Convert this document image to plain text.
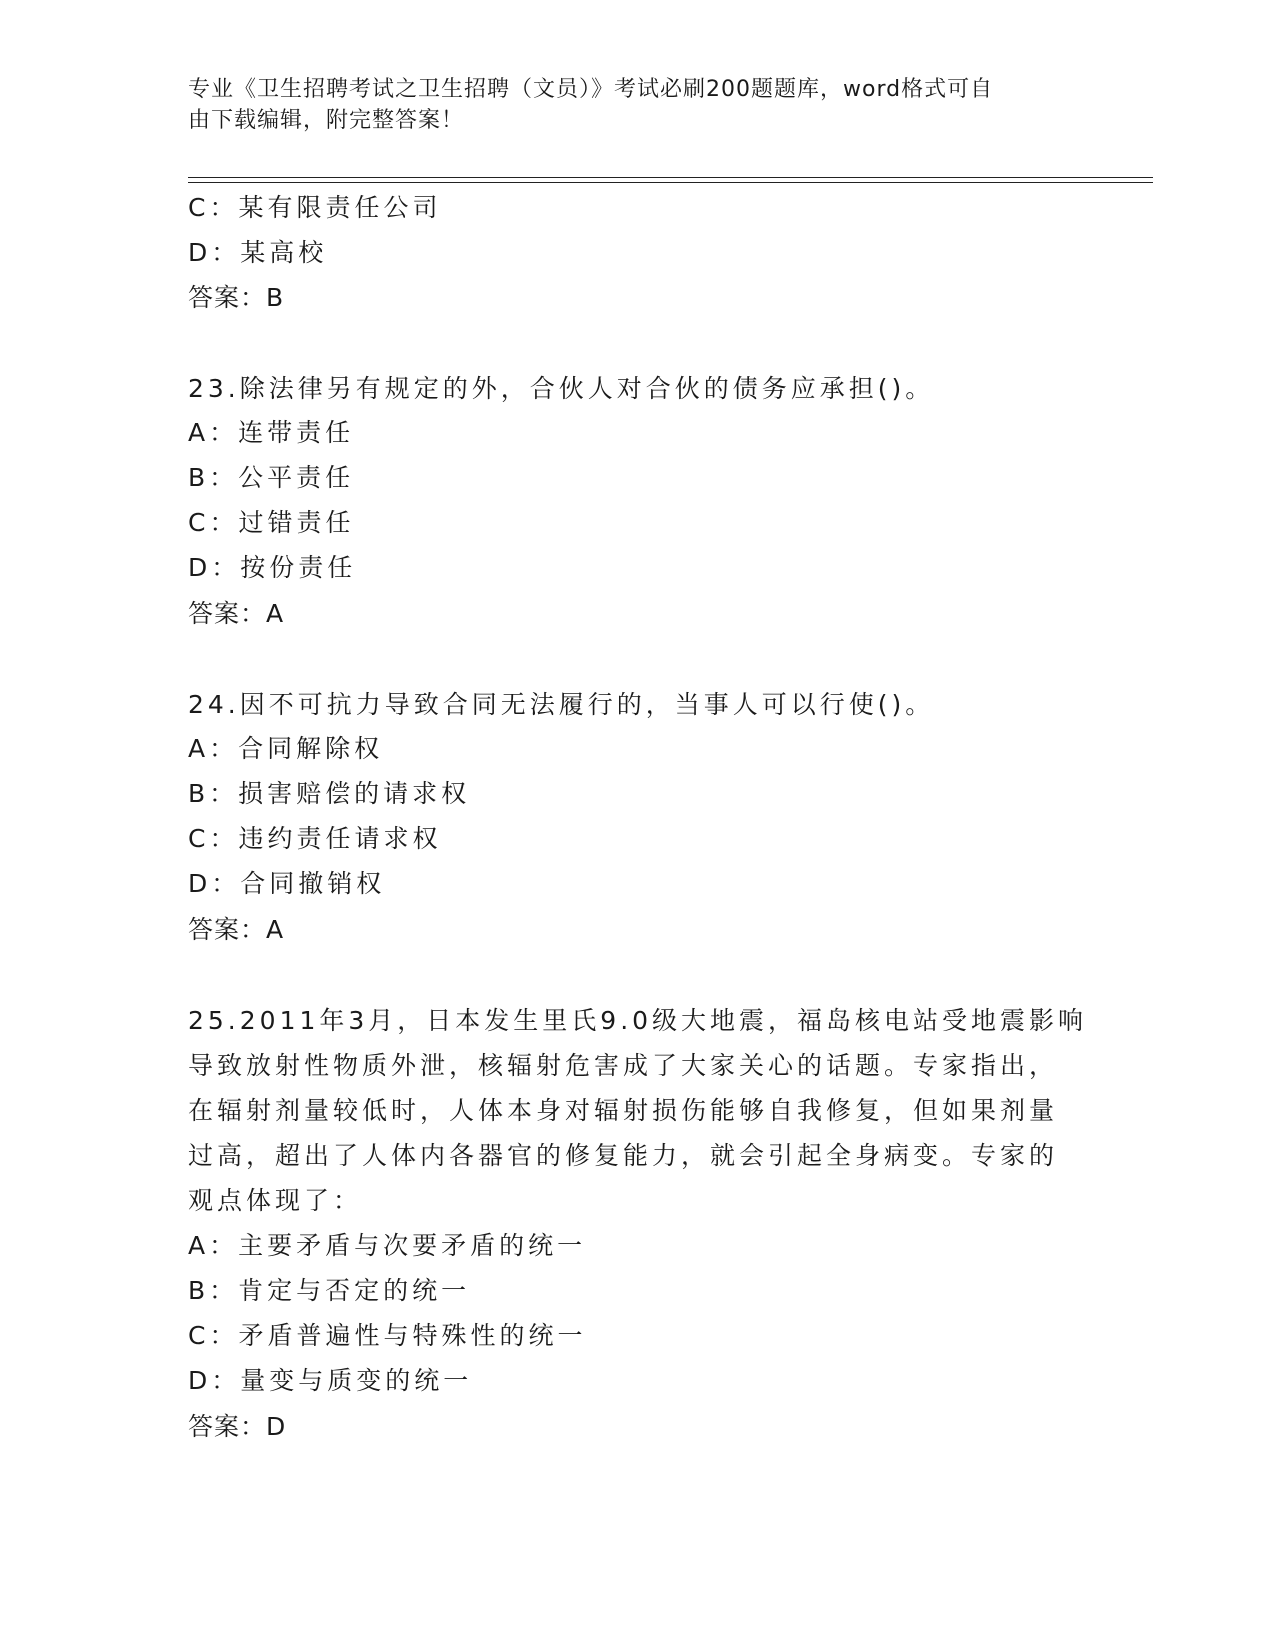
专业《卫生招聘考试之卫生招聘（文员）》考试必刷200题题库，word格式可自
由下载编辑，附完整答案！
C：某有限责任公司
D：某高校
答案：B
23.除法律另有规定的外，合伙人对合伙的债务应承担()。
A：连带责任
B：公平责任
C：过错责任
D：按份责任
答案：A
24.因不可抗力导致合同无法履行的，当事人可以行使()。
A：合同解除权
B：损害赔偿的请求权
C：违约责任请求权
D：合同撤销权
答案：A
25.2011年3月，日本发生里氏9.0级大地震，福岛核电站受地震影响
导致放射性物质外泄，核辐射危害成了大家关心的话题。专家指出，
在辐射剂量较低时，人体本身对辐射损伤能够自我修复，但如果剂量
过高，超出了人体内各器官的修复能力，就会引起全身病变。专家的
观点体现了：
A：主要矛盾与次要矛盾的统一
B：肯定与否定的统一
C：矛盾普遍性与特殊性的统一
D：量变与质变的统一
答案：D
